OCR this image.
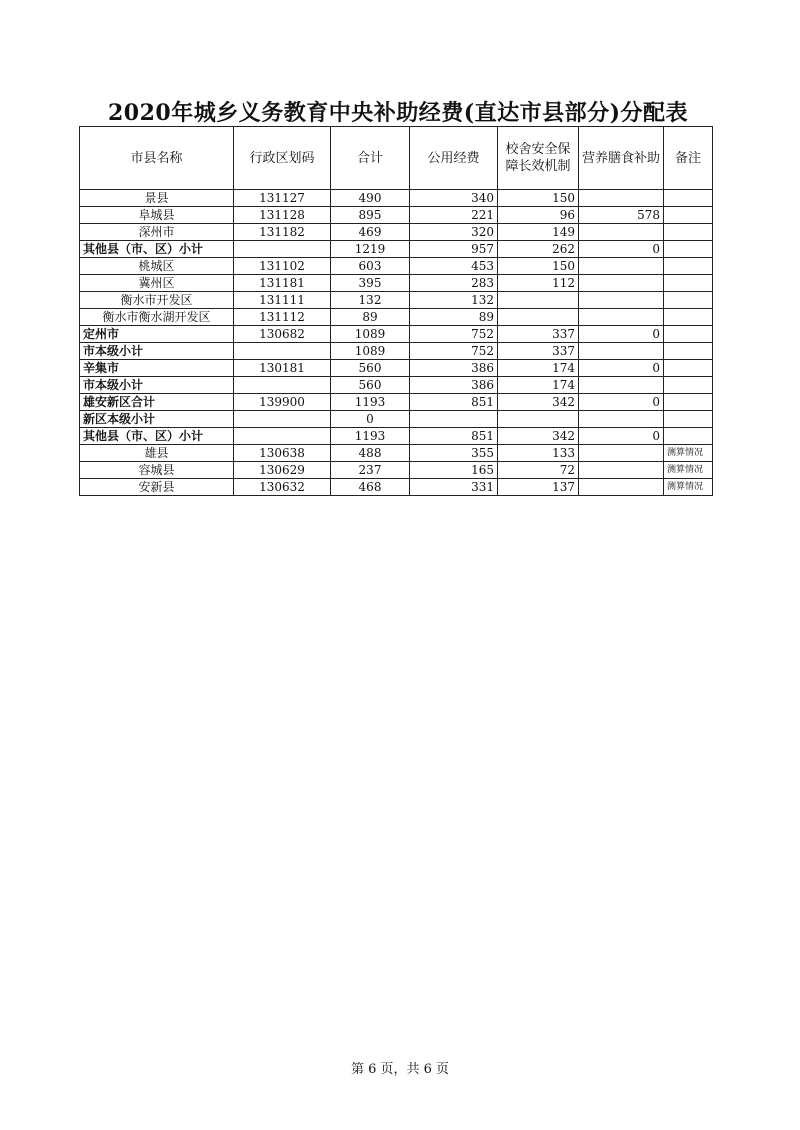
2020年城乡义务教育中央补助经费(直达市县部分)分配表
市县名称	行政区划码	合计	公用经费	校舍安全保障长效机制	营养膳食补助	备注
景县	131127	490	340	150		
阜城县	131128	895	221	96	578	
深州市	131182	469	320	149		
其他县（市、区）小计		1219	957	262	0	
桃城区	131102	603	453	150		
冀州区	131181	395	283	112		
衡水市开发区	131111	132	132			
衡水市衡水湖开发区	131112	89	89			
定州市	130682	1089	752	337	0	
市本级小计		1089	752	337		
辛集市	130181	560	386	174	0	
市本级小计		560	386	174		
雄安新区合计	139900	1193	851	342	0	
新区本级小计		0				
其他县（市、区）小计		1193	851	342	0	
雄县	130638	488	355	133		测算情况
容城县	130629	237	165	72		测算情况
安新县	130632	468	331	137		测算情况
第 6 页，共 6 页
